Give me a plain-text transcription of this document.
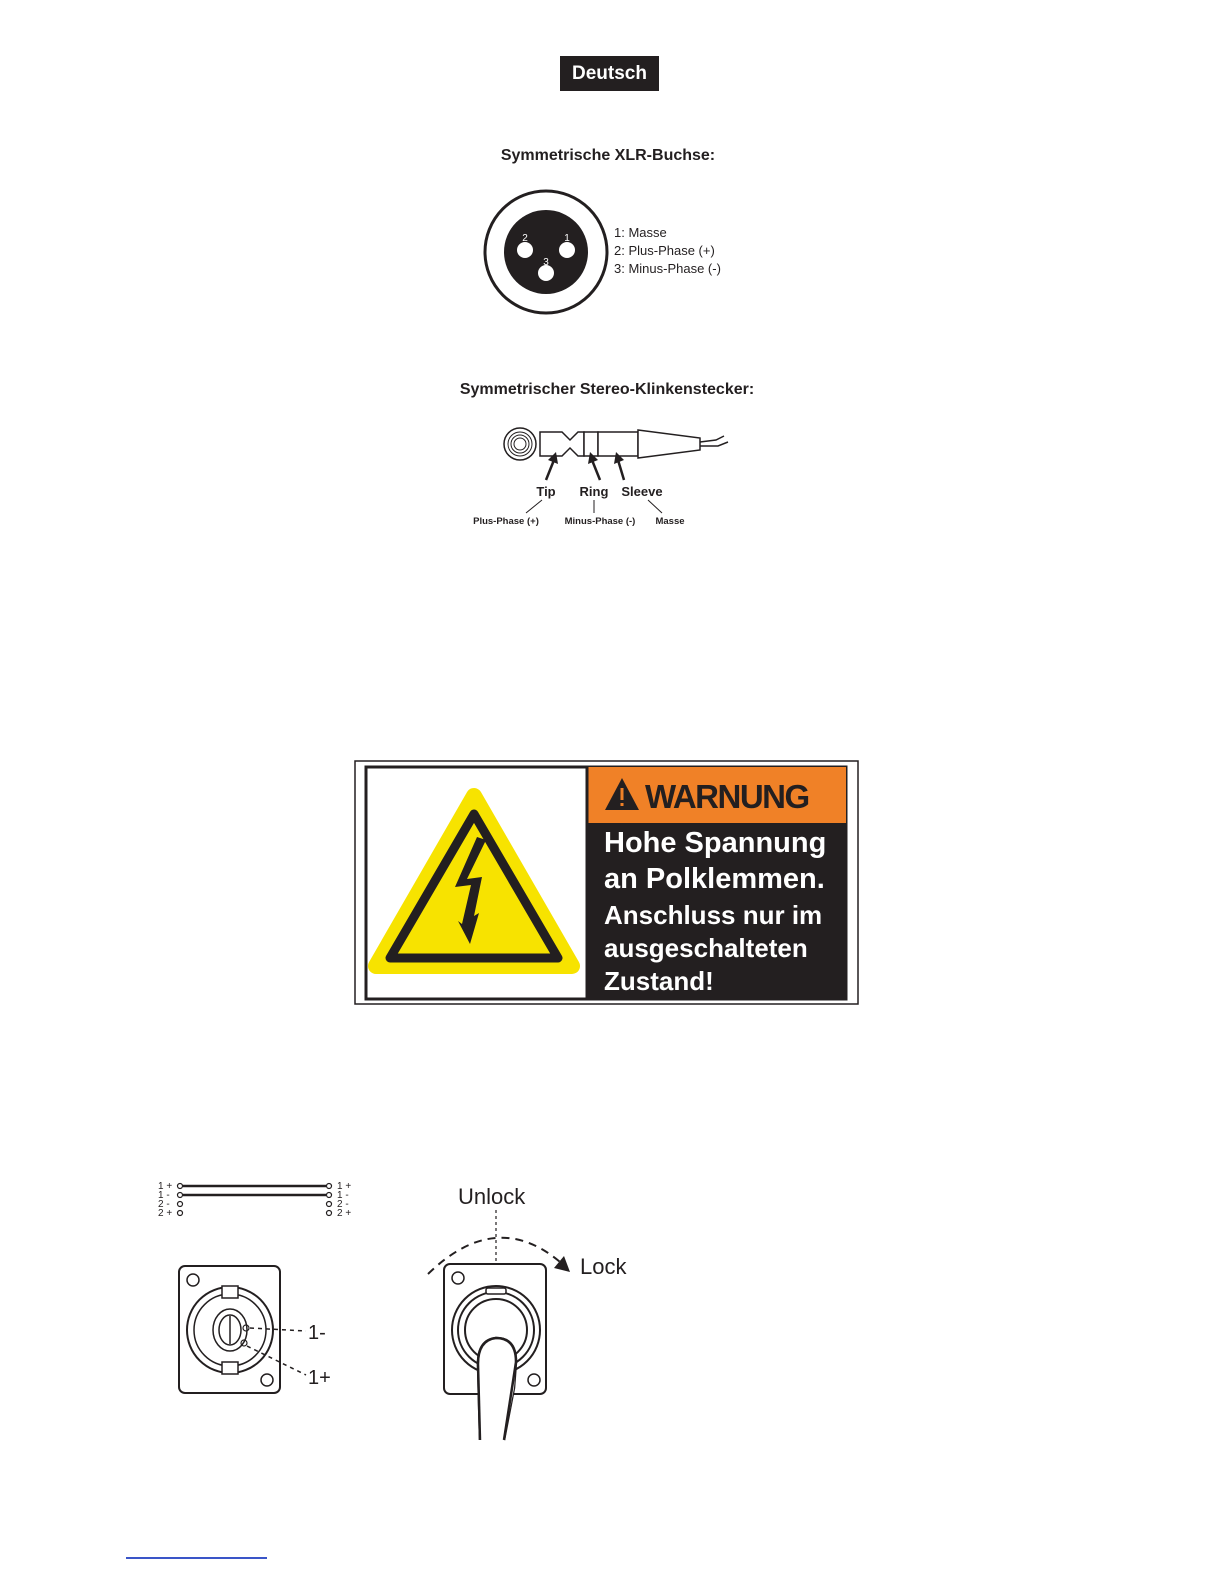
Deutsch
Symmetrische XLR-Buchse:
1
2
3
1: Masse
2: Plus-Phase (+)
3: Minus-Phase (-)
Symmetrischer Stereo-Klinkenstecker:
Tip Ring Sleeve
Plus-Phase (+)	Minus-Phase (-) Masse
WARNUNG
Hohe Spannung
an Polklemmen.
Anschluss nur im
ausgeschalteten
Zustand!
1 +
1 -
2 -
2 +
1 +
1 -
2 -
2 +
1-
1+
Unlock
Lock
